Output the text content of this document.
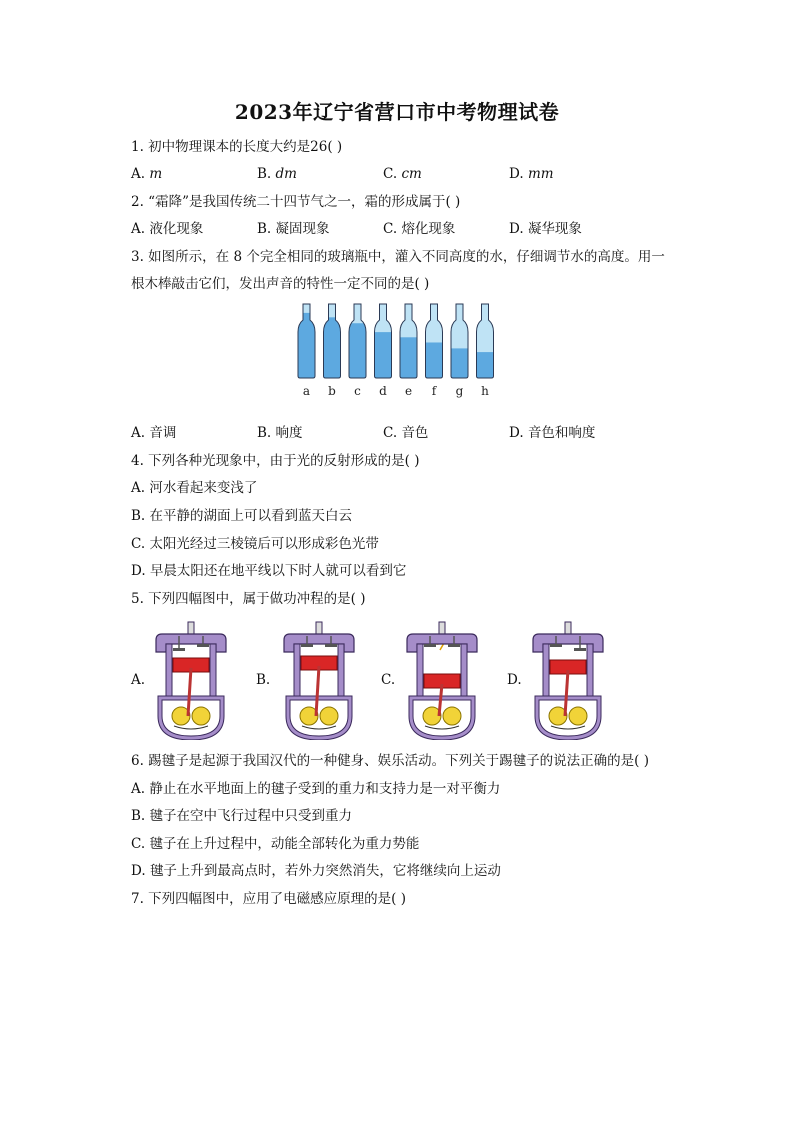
2023年辽宁省营口市中考物理试卷
1. 初中物理课本的长度大约是26( )
A. m	B. dm	C. cm	D. mm
2. “霜降”是我国传统二十四节气之一，霜的形成属于( )
A. 液化现象	B. 凝固现象	C. 熔化现象	D. 凝华现象
3. 如图所示，在 8 个完全相同的玻璃瓶中，灌入不同高度的水，仔细调节水的高度。用一
根木棒敲击它们，发出声音的特性一定不同的是( )
a b c d e f g h
A. 音调	B. 响度	C. 音色	D. 音色和响度
4. 下列各种光现象中，由于光的反射形成的是( )
A. 河水看起来变浅了
B. 在平静的湖面上可以看到蓝天白云
C. 太阳光经过三棱镜后可以形成彩色光带
D. 早晨太阳还在地平线以下时人就可以看到它
5. 下列四幅图中，属于做功冲程的是( )
A.	B.	C.	D.
6. 踢毽子是起源于我国汉代的一种健身、娱乐活动。下列关于踢毽子的说法正确的是( )
A. 静止在水平地面上的毽子受到的重力和支持力是一对平衡力
B. 毽子在空中飞行过程中只受到重力
C. 毽子在上升过程中，动能全部转化为重力势能
D. 毽子上升到最高点时，若外力突然消失，它将继续向上运动
7. 下列四幅图中，应用了电磁感应原理的是( )
